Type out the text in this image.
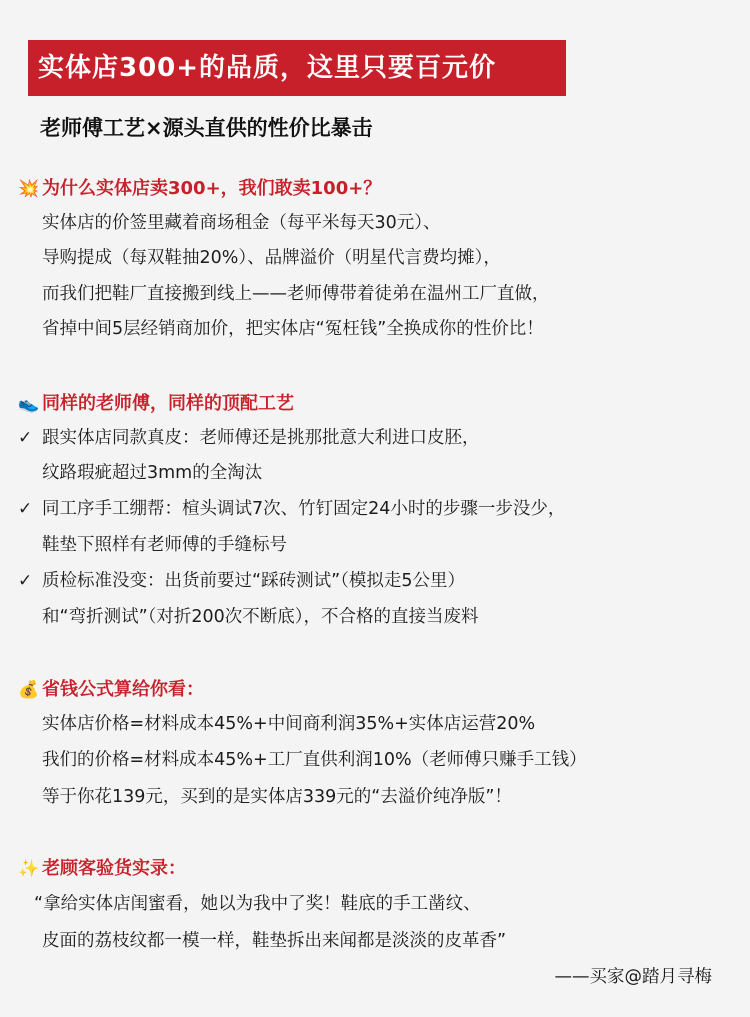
实体店300+的品质，这里只要百元价
老师傅工艺×源头直供的性价比暴击
💥 为什么实体店卖300+，我们敢卖100+？
实体店的价签里藏着商场租金（每平米每天30元）、
导购提成（每双鞋抽20%）、品牌溢价（明星代言费均摊），
而我们把鞋厂直接搬到线上——老师傅带着徒弟在温州工厂直做，
省掉中间5层经销商加价，把实体店“冤枉钱”全换成你的性价比！
👟 同样的老师傅，同样的顶配工艺
✓ 跟实体店同款真皮：老师傅还是挑那批意大利进口皮胚，
纹路瑕疵超过3mm的全淘汰
✓ 同工序手工绷帮：楦头调试7次、竹钉固定24小时的步骤一步没少，
鞋垫下照样有老师傅的手缝标号
✓ 质检标准没变：出货前要过“踩砖测试”（模拟走5公里）
和“弯折测试”（对折200次不断底），不合格的直接当废料
💰 省钱公式算给你看：
实体店价格=材料成本45%+中间商利润35%+实体店运营20%
我们的价格=材料成本45%+工厂直供利润10%（老师傅只赚手工钱）
等于你花139元，买到的是实体店339元的“去溢价纯净版”！
✨ 老顾客验货实录：
“拿给实体店闺蜜看，她以为我中了奖！鞋底的手工凿纹、
皮面的荔枝纹都一模一样，鞋垫拆出来闻都是淡淡的皮革香”
——买家@踏月寻梅
